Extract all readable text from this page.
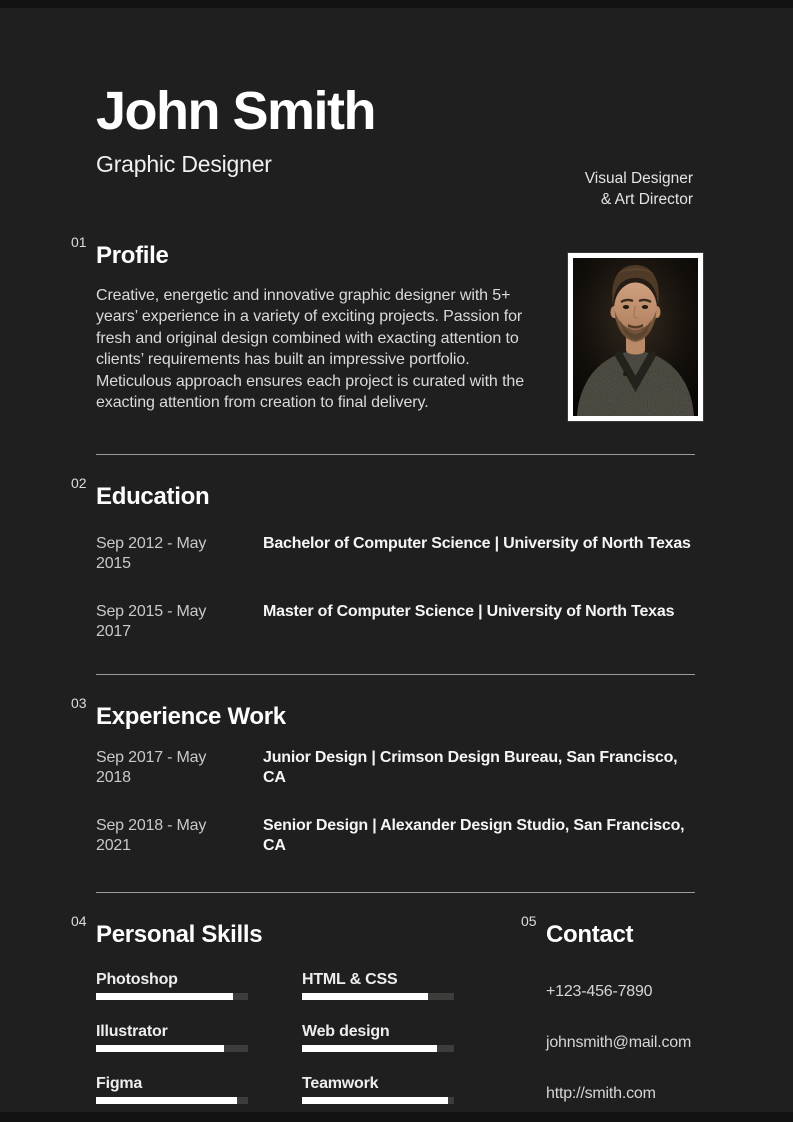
John Smith
Graphic Designer
Visual Designer
& Art Director
01 Profile

Creative, energetic and innovative graphic designer with 5+ years’ experience in a variety of exciting projects. Passion for fresh and original design combined with exacting attention to clients’ requirements has built an impressive portfolio. Meticulous approach ensures each project is curated with the exacting attention from creation to final delivery.

02 Education
Sep 2012 - May 2015
Bachelor of Computer Science | University of North Texas
Sep 2015 - May 2017
Master of Computer Science | University of North Texas
03 Experience Work
Sep 2017 - May 2018
Junior Design | Crimson Design Bureau, San Francisco, CA
Sep 2018 - May 2021
Senior Design | Alexander Design Studio, San Francisco, CA
04 Personal Skills
Photoshop	HTML & CSS
Illustrator	Web design
Figma	Teamwork
05 Contact
+123-456-7890
johnsmith@mail.com
http://smith.com
